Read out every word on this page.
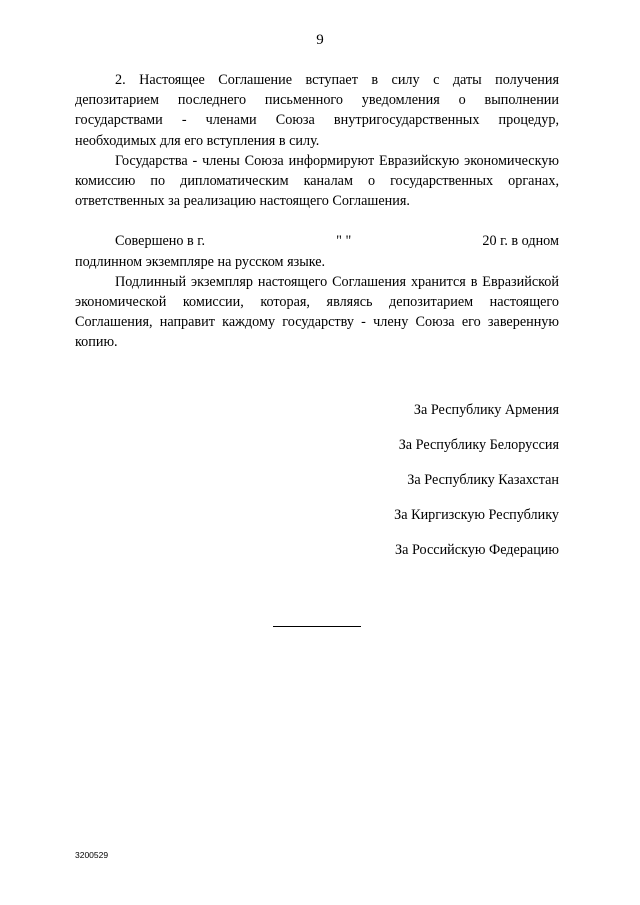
9

2. Настоящее Соглашение вступает в силу с даты получения депозитарием последнего письменного уведомления о выполнении государствами - членами Союза внутригосударственных процедур, необходимых для его вступления в силу.

Государства - члены Союза информируют Евразийскую экономическую комиссию по дипломатическим каналам о государственных органах, ответственных за реализацию настоящего Соглашения.

Совершено в г.	" "	20 г. в одном

подлинном экземпляре на русском языке.

Подлинный экземпляр настоящего Соглашения хранится в Евразийской экономической комиссии, которая, являясь депозитарием настоящего Соглашения, направит каждому государству - члену Союза его заверенную копию.

За Республику Армения
За Республику Белоруссия
За Республику Казахстан
За Киргизскую Республику
За Российскую Федерацию
3200529
